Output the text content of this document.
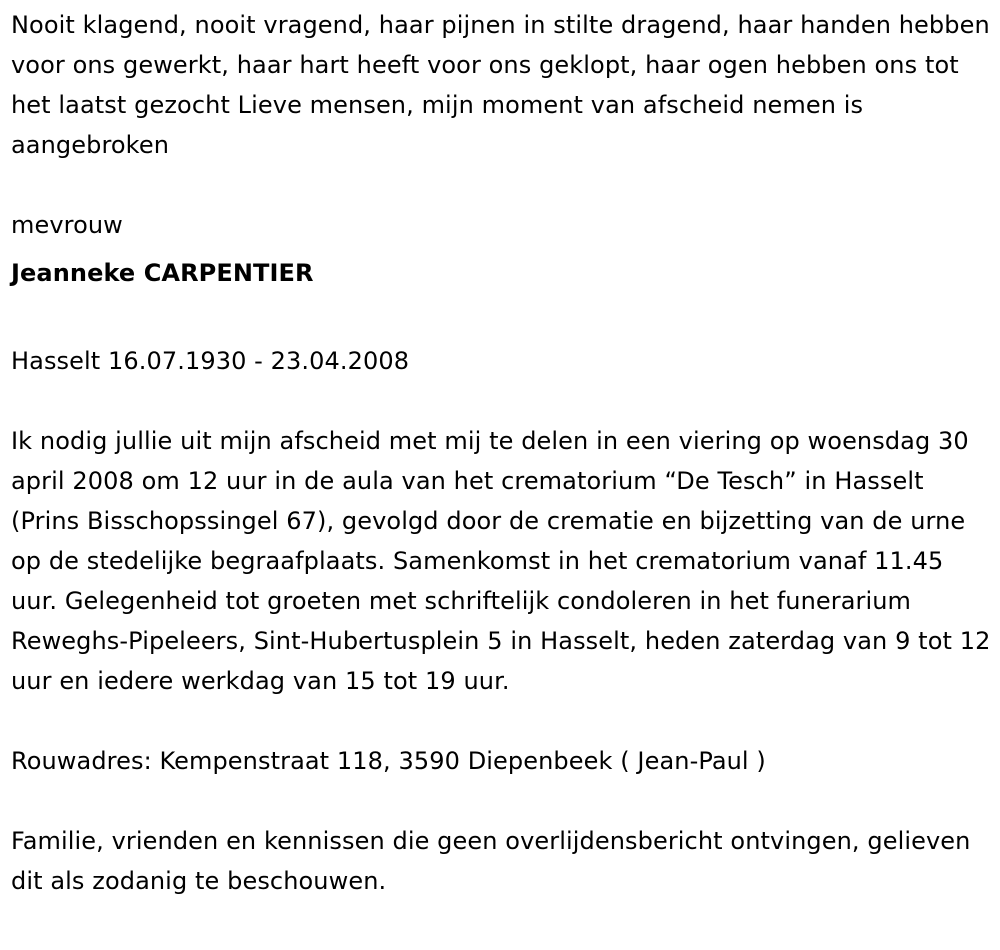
Nooit klagend, nooit vragend, haar pijnen in stilte dragend, haar handen hebben voor ons gewerkt, haar hart heeft voor ons geklopt, haar ogen hebben ons tot het laatst gezocht Lieve mensen, mijn moment van afscheid nemen is aangebroken

mevrouw

Jeanneke CARPENTIER

Hasselt 16.07.1930 - 23.04.2008

Ik nodig jullie uit mijn afscheid met mij te delen in een viering op woensdag 30 april 2008 om 12 uur in de aula van het crematorium “De Tesch” in Hasselt (Prins Bisschopssingel 67), gevolgd door de crematie en bijzetting van de urne op de stedelijke begraafplaats. Samenkomst in het crematorium vanaf 11.45 uur. Gelegenheid tot groeten met schriftelijk condoleren in het funerarium Reweghs-Pipeleers, Sint-Hubertusplein 5 in Hasselt, heden zaterdag van 9 tot 12 uur en iedere werkdag van 15 tot 19 uur.

Rouwadres: Kempenstraat 118, 3590 Diepenbeek ( Jean-Paul )

Familie, vrienden en kennissen die geen overlijdensbericht ontvingen, gelieven dit als zodanig te beschouwen.
